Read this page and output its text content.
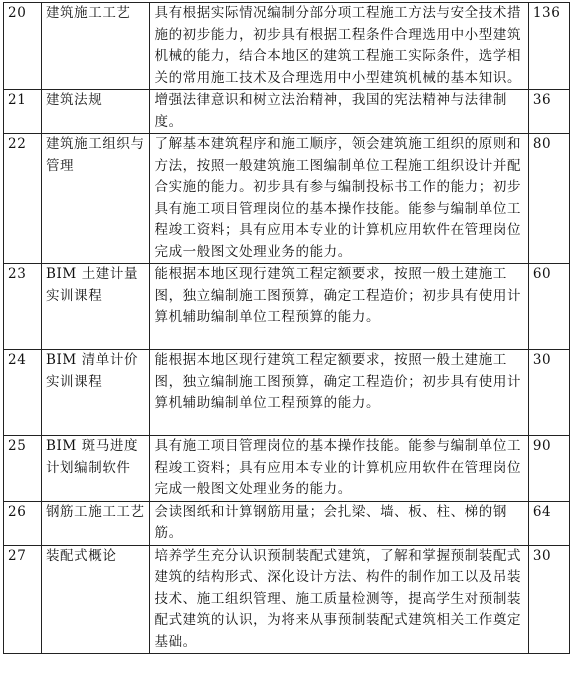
20	建筑施工工艺	具有根据实际情况编制分部分项工程施工方法与安全技术措施的初步能力，初步具有根据工程条件合理选用中小型建筑机械的能力，结合本地区的建筑工程施工实际条件，选学相关的常用施工技术及合理选用中小型建筑机械的基本知识。	136
21	建筑法规	增强法律意识和树立法治精神，我国的宪法精神与法律制度。	36
22	建筑施工组织与管理	了解基本建筑程序和施工顺序，领会建筑施工组织的原则和方法，按照一般建筑施工图编制单位工程施工组织设计并配合实施的能力。初步具有参与编制投标书工作的能力；初步具有施工项目管理岗位的基本操作技能。能参与编制单位工程竣工资料；具有应用本专业的计算机应用软件在管理岗位完成一般图文处理业务的能力。	80
23	BIM 土建计量实训课程	能根据本地区现行建筑工程定额要求，按照一般土建施工图，独立编制施工图预算，确定工程造价；初步具有使用计算机辅助编制单位工程预算的能力。	60
24	BIM 清单计价实训课程	能根据本地区现行建筑工程定额要求，按照一般土建施工图，独立编制施工图预算，确定工程造价；初步具有使用计算机辅助编制单位工程预算的能力。	30
25	BIM 斑马进度计划编制软件	具有施工项目管理岗位的基本操作技能。能参与编制单位工程竣工资料；具有应用本专业的计算机应用软件在管理岗位完成一般图文处理业务的能力。	90
26	钢筋工施工工艺	会读图纸和计算钢筋用量；会扎梁、墙、板、柱、梯的钢筋。	64
27	装配式概论	培养学生充分认识预制装配式建筑，了解和掌握预制装配式建筑的结构形式、深化设计方法、构件的制作加工以及吊装技术、施工组织管理、施工质量检测等，提高学生对预制装配式建筑的认识，为将来从事预制装配式建筑相关工作奠定基础。	30
